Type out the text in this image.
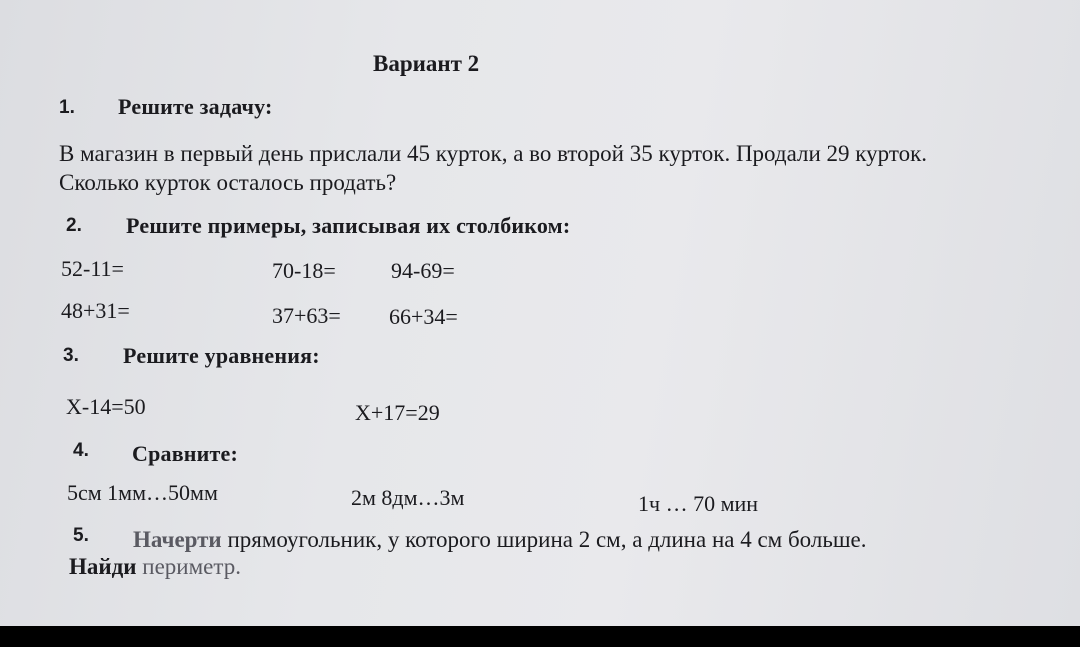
Вариант 2
1. Решите задачу:
В магазин в первый день прислали 45 курток, а во второй 35 курток. Продали 29 курток.
Сколько курток осталось продать?
2. Решите примеры, записывая их столбиком:
52-11=	70-18=	94-69=
48+31=	37+63= 66+34=
3. Решите уравнения:
Х-14=50	Х+17=29
4. Сравните:
5см 1мм…50мм	2м 8дм…3м	1ч … 70 мин
5. Начерти прямоугольник, у которого ширина 2 см, а длина на 4 см больше.
Найди периметр.
